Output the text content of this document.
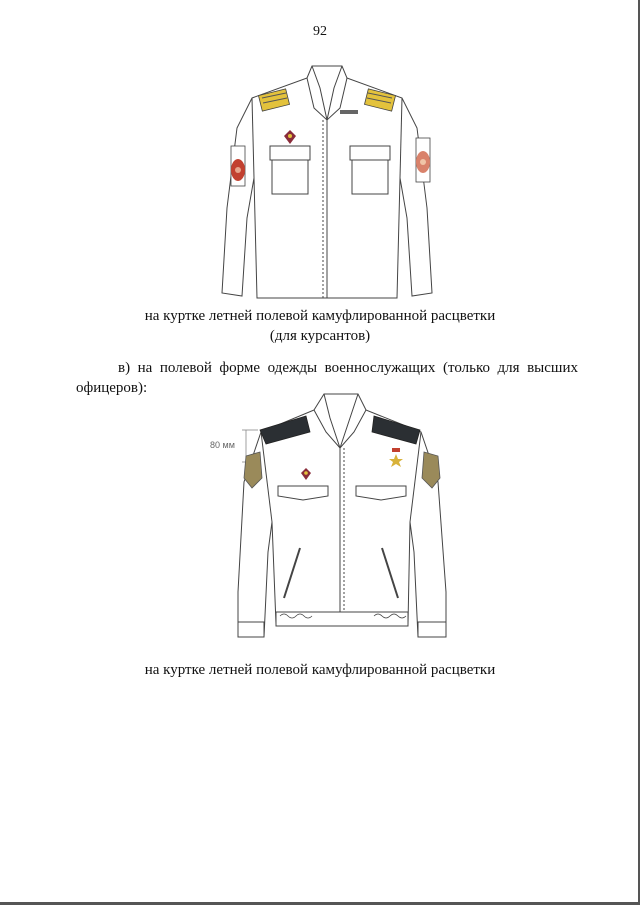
92
на куртке летней полевой камуфлированной расцветки
(для курсантов)
в) на полевой форме одежды военнослужащих (только для высших
офицеров):
80 мм
на куртке летней полевой камуфлированной расцветки
